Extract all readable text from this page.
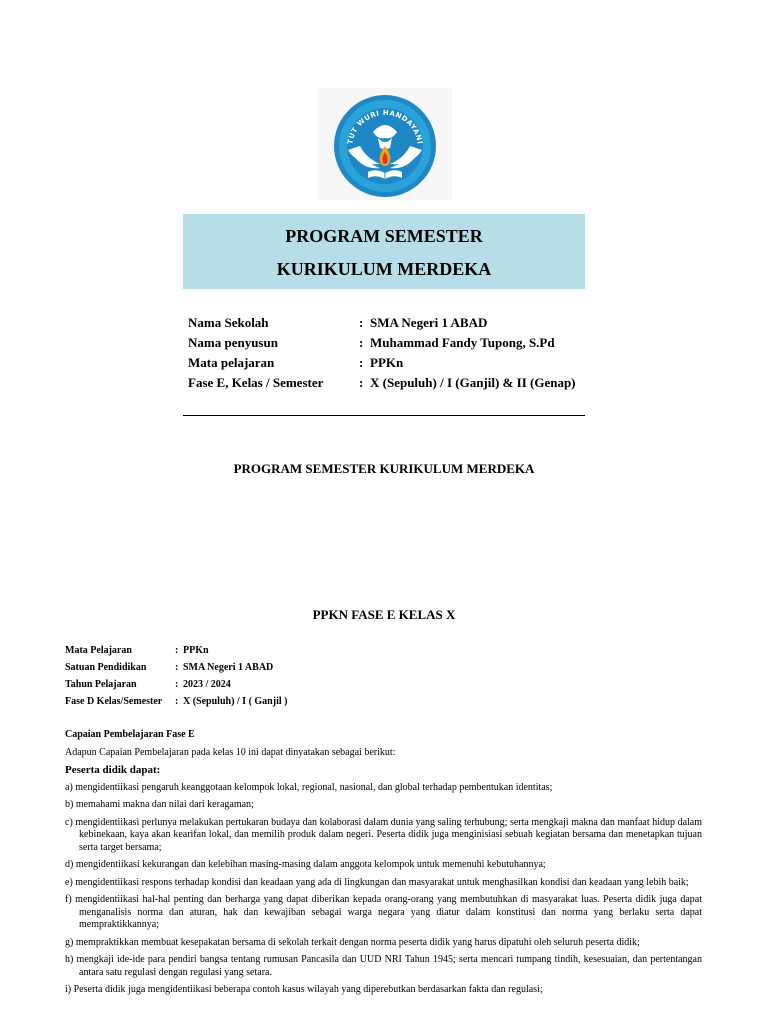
TUT WURI HANDAYANI
PROGRAM SEMESTER
KURIKULUM MERDEKA
Nama Sekolah	: SMA Negeri 1 ABAD
Nama penyusun	: Muhammad Fandy Tupong, S.Pd
Mata pelajaran	: PPKn
Fase E, Kelas / Semester	: X (Sepuluh) / I (Ganjil) & II (Genap)
PROGRAM SEMESTER KURIKULUM MERDEKA
PPKN FASE E KELAS X
Mata Pelajaran	: PPKn
Satuan Pendidikan	: SMA Negeri 1 ABAD
Tahun Pelajaran	: 2023 / 2024
Fase D Kelas/Semester : X (Sepuluh) / I ( Ganjil )
Capaian Pembelajaran Fase E
Adapun Capaian Pembelajaran pada kelas 10 ini dapat dinyatakan sebagai berikut:
Peserta didik dapat:
a) mengidentiikasi pengaruh keanggotaan kelompok lokal, regional, nasional, dan global terhadap pembentukan identitas;
b) memahami makna dan nilai dari keragaman;
c) mengidentiikasi perlunya melakukan pertukaran budaya dan kolaborasi dalam dunia yang saling terhubung; serta mengkaji makna dan manfaat hidup dalam kebinekaan, kaya akan kearifan lokal, dan memilih produk dalam negeri. Peserta didik juga menginisiasi sebuah kegiatan bersama dan menetapkan tujuan serta target bersama;
d) mengidentiikasi kekurangan dan kelebihan masing-masing dalam anggota kelompok untuk memenuhi kebutuhannya;
e) mengidentiikasi respons terhadap kondisi dan keadaan yang ada di lingkungan dan masyarakat untuk menghasilkan kondisi dan keadaan yang lebih baik;
f) mengidentiikasi hal-hal penting dan berharga yang dapat diberikan kepada orang-orang yang membutuhkan di masyarakat luas. Peserta didik juga dapat menganalisis norma dan aturan, hak dan kewajiban sebagai warga negara yang diatur dalam konstitusi dan norma yang berlaku serta dapat mempraktikkannya;
g) mempraktikkan membuat kesepakatan bersama di sekolah terkait dengan norma peserta didik yang harus dipatuhi oleh seluruh peserta didik;
h) mengkaji ide-ide para pendiri bangsa tentang rumusan Pancasila dan UUD NRI Tahun 1945; serta mencari tumpang tindih, kesesuaian, dan pertentangan antara satu regulasi dengan regulasi yang setara.
i) Peserta didik juga mengidentiikasi beberapa contoh kasus wilayah yang diperebutkan berdasarkan fakta dan regulasi;
